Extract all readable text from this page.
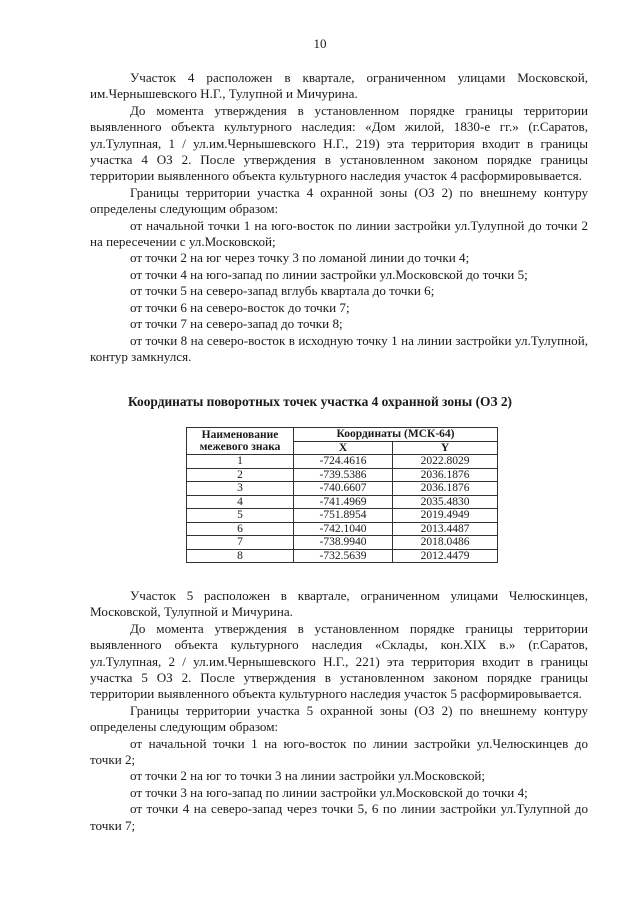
10

Участок 4 расположен в квартале, ограниченном улицами Московской, им.Чернышевского Н.Г., Тулупной и Мичурина.

До момента утверждения в установленном порядке границы территории выявленного объекта культурного наследия: «Дом жилой, 1830-е гг.» (г.Саратов, ул.Тулупная, 1 / ул.им.Чернышевского Н.Г., 219) эта территория входит в границы участка 4 ОЗ 2. После утверждения в установленном законом порядке границы территории выявленного объекта культурного наследия участок 4 расформировывается.

Границы территории участка 4 охранной зоны (ОЗ 2) по внешнему контуру определены следующим образом:

от начальной точки 1 на юго-восток по линии застройки ул.Тулупной до точки 2 на пересечении с ул.Московской;

от точки 2 на юг через точку 3 по ломаной линии до точки 4;

от точки 4 на юго-запад по линии застройки ул.Московской до точки 5;

от точки 5 на северо-запад вглубь квартала до точки 6;

от точки 6 на северо-восток до точки 7;

от точки 7 на северо-запад до точки 8;

от точки 8 на северо-восток в исходную точку 1 на линии застройки ул.Тулупной, контур замкнулся.

Координаты поворотных точек участка 4 охранной зоны (ОЗ 2)
Наименование межевого знака	Координаты (МСК-64)	
	X	Y
1	-724.4616	2022.8029
2	-739.5386	2036.1876
3	-740.6607	2036.1876
4	-741.4969	2035.4830
5	-751.8954	2019.4949
6	-742.1040	2013.4487
7	-738.9940	2018.0486
8	-732.5639	2012.4479

Участок 5 расположен в квартале, ограниченном улицами Челюскинцев, Московской, Тулупной и Мичурина.

До момента утверждения в установленном порядке границы территории выявленного объекта культурного наследия «Склады, кон.XIX в.» (г.Саратов, ул.Тулупная, 2 / ул.им.Чернышевского Н.Г., 221) эта территория входит в границы участка 5 ОЗ 2. После утверждения в установленном законом порядке границы территории выявленного объекта культурного наследия участок 5 расформировывается.

Границы территории участка 5 охранной зоны (ОЗ 2) по внешнему контуру определены следующим образом:

от начальной точки 1 на юго-восток по линии застройки ул.Челюскинцев до точки 2;

от точки 2 на юг то точки 3 на линии застройки ул.Московской;

от точки 3 на юго-запад по линии застройки ул.Московской до точки 4;

от точки 4 на северо-запад через точки 5, 6 по линии застройки ул.Тулупной до точки 7;
